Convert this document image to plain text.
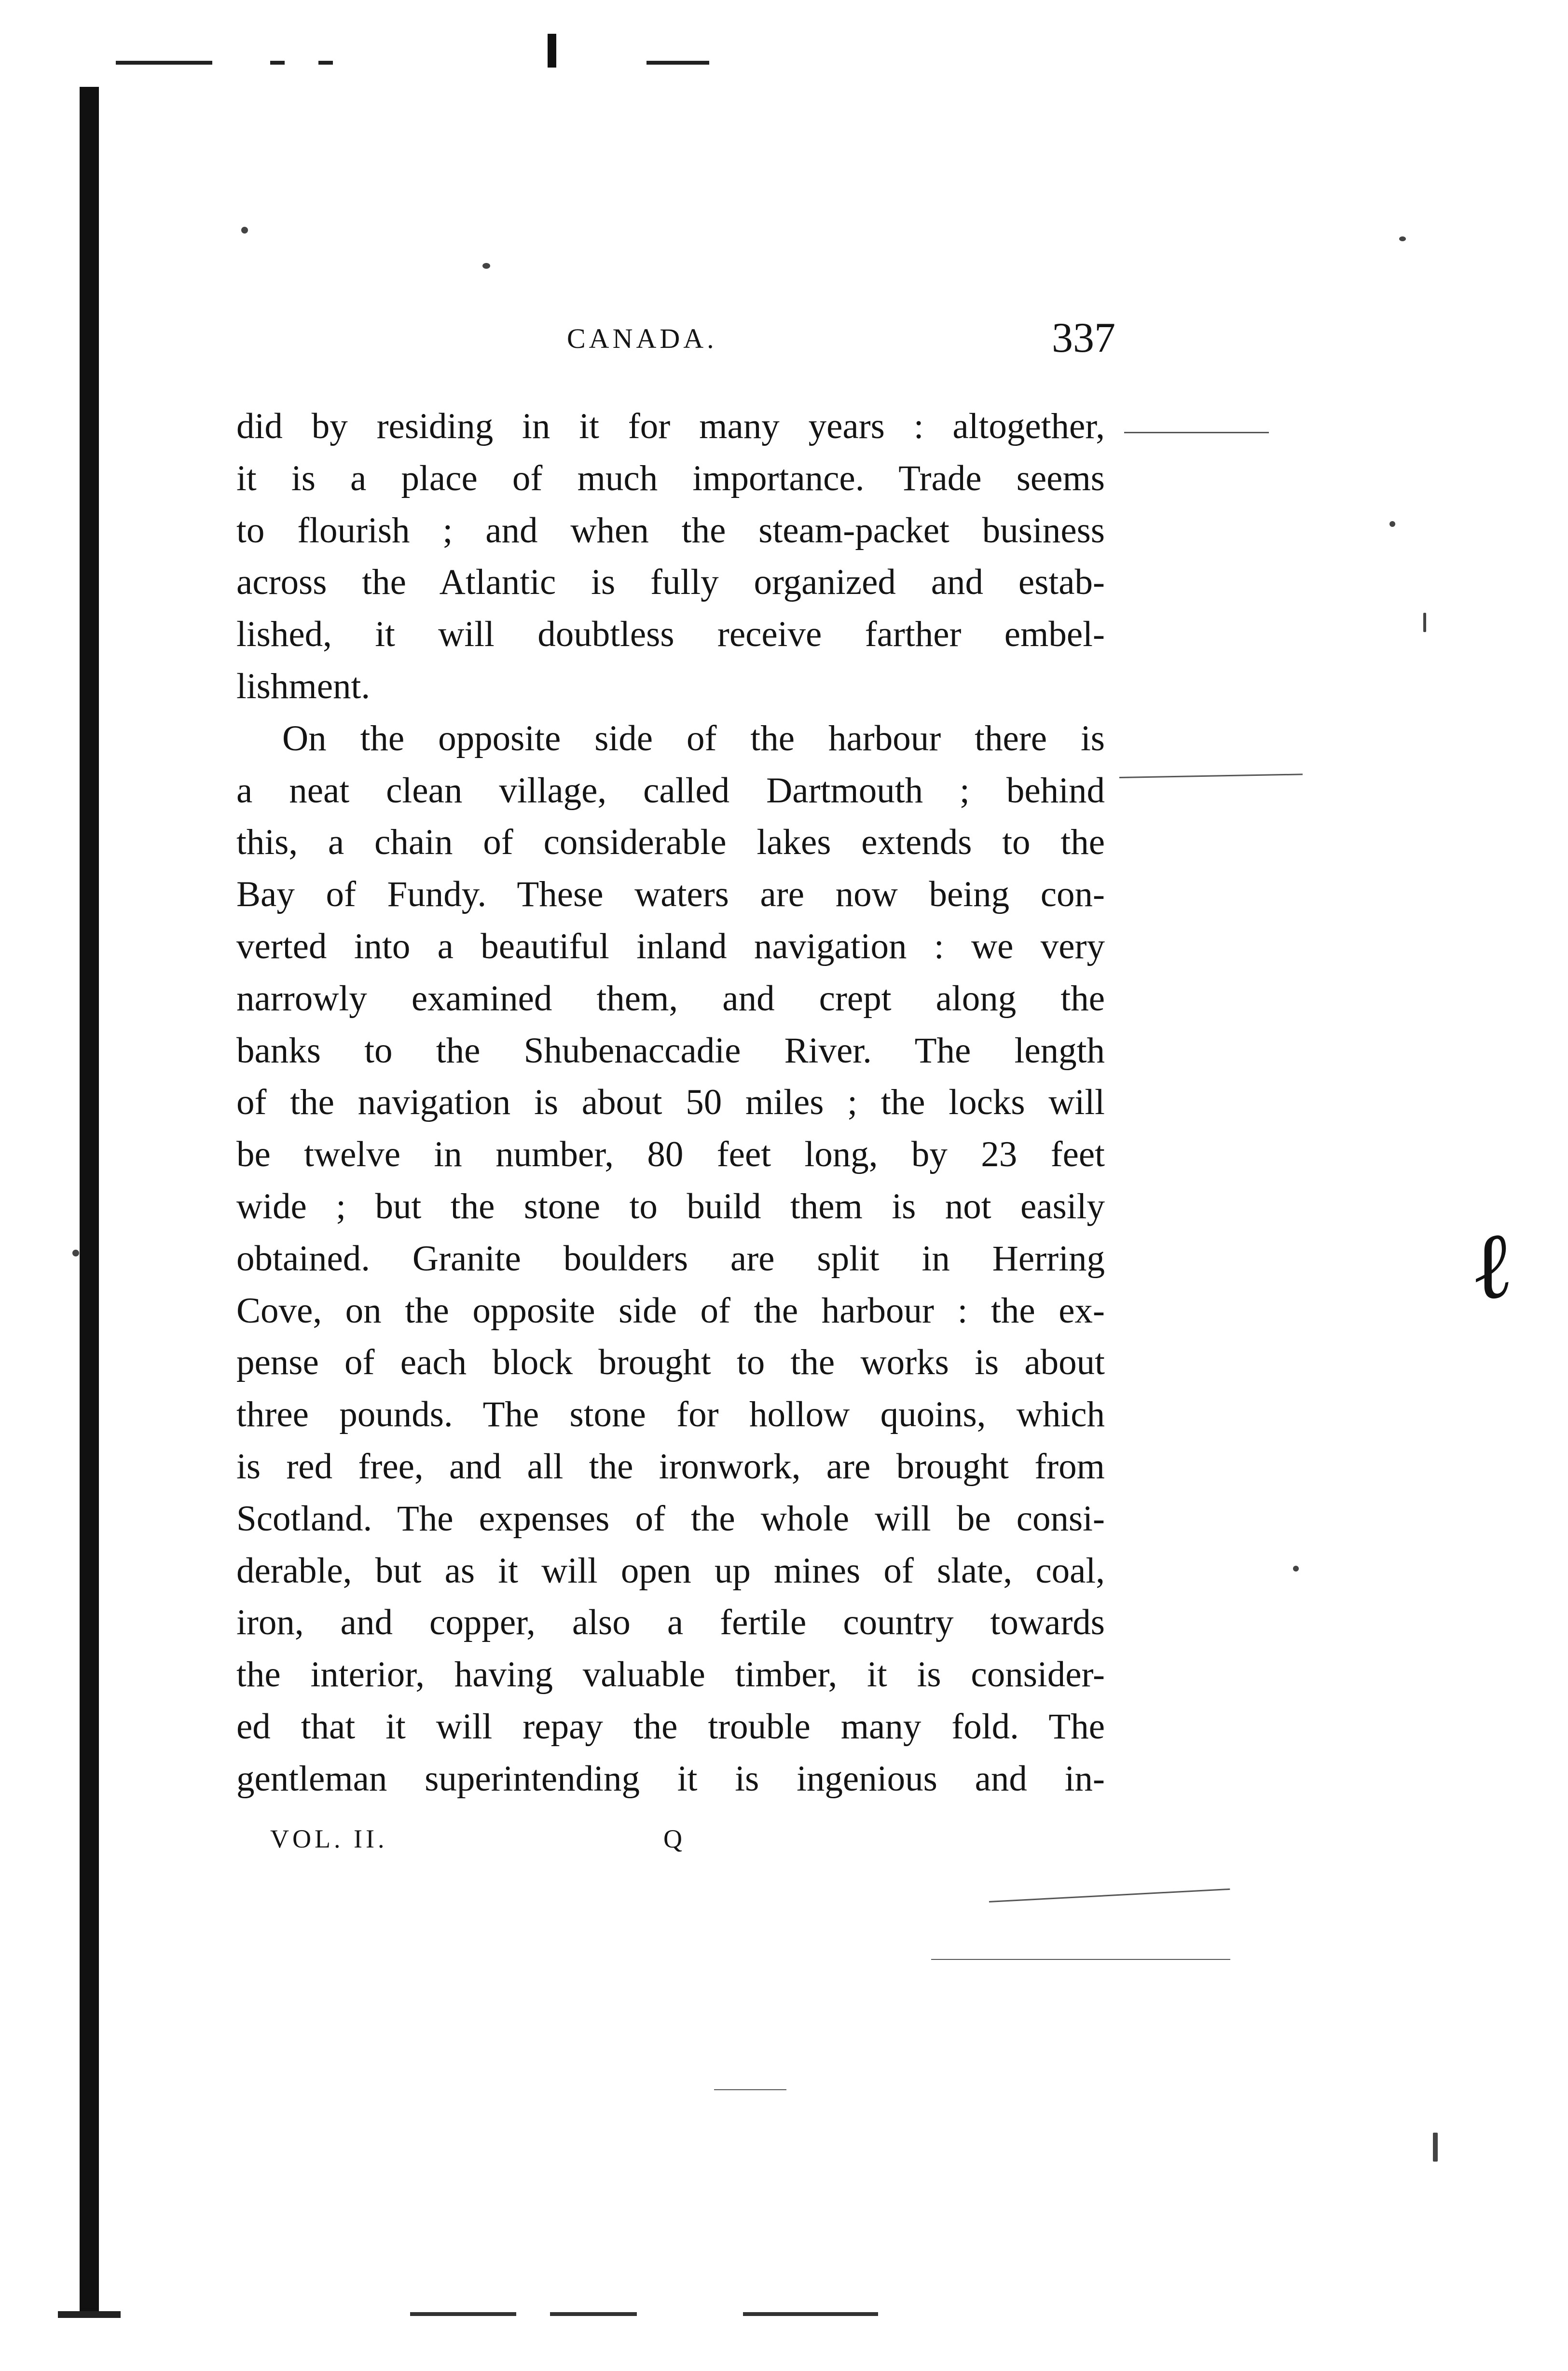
ℓ
CANADA.	337
did by residing in it for many years : altogether,
it is a place of much importance. Trade seems
to flourish ; and when the steam-packet business
across the Atlantic is fully organized and estab-
lished, it will doubtless receive farther embel-
lishment.
On the opposite side of the harbour there is
a neat clean village, called Dartmouth ; behind
this, a chain of considerable lakes extends to the
Bay of Fundy. These waters are now being con-
verted into a beautiful inland navigation : we very
narrowly examined them, and crept along the
banks to the Shubenaccadie River. The length
of the navigation is about 50 miles ; the locks will
be twelve in number, 80 feet long, by 23 feet
wide ; but the stone to build them is not easily
obtained. Granite boulders are split in Herring
Cove, on the opposite side of the harbour : the ex-
pense of each block brought to the works is about
three pounds. The stone for hollow quoins, which
is red free, and all the ironwork, are brought from
Scotland. The expenses of the whole will be consi-
derable, but as it will open up mines of slate, coal,
iron, and copper, also a fertile country towards
the interior, having valuable timber, it is consider-
ed that it will repay the trouble many fold. The
gentleman superintending it is ingenious and in-
VOL. II.	Q
